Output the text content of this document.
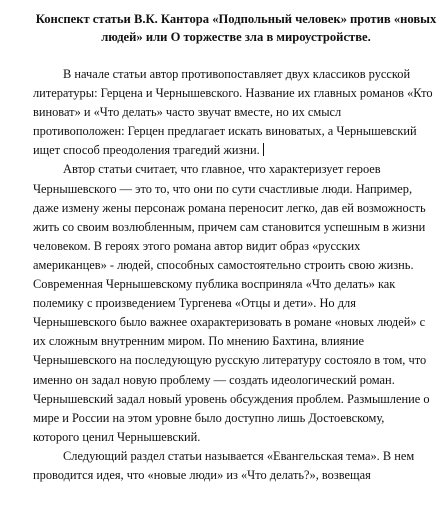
Конспект статьи В.К. Кантора «Подпольный человек» против «новых
людей» или О торжестве зла в мироустройстве.
В начале статьи автор противопоставляет двух классиков русской
литературы: Герцена и Чернышевского. Название их главных романов «Кто
виноват» и «Что делать» часто звучат вместе, но их смысл
противоположен: Герцен предлагает искать виноватых, а Чернышевский
ищет способ преодоления трагедий жизни.
Автор статьи считает, что главное, что характеризует героев
Чернышевского — это то, что они по сути счастливые люди. Например,
даже измену жены персонаж романа переносит легко, дав ей возможность
жить со своим возлюбленным, причем сам становится успешным в жизни
человеком. В героях этого романа автор видит образ «русских
американцев» - людей, способных самостоятельно строить свою жизнь.
Современная Чернышевскому публика восприняла «Что делать» как
полемику с произведением Тургенева «Отцы и дети». Но для
Чернышевского было важнее охарактеризовать в романе «новых людей» с
их сложным внутренним миром. По мнению Бахтина, влияние
Чернышевского на последующую русскую литературу состояло в том, что
именно он задал новую проблему — создать идеологический роман.
Чернышевский задал новый уровень обсуждения проблем. Размышление о
мире и России на этом уровне было доступно лишь Достоевскому,
которого ценил Чернышевский.
Следующий раздел статьи называется «Евангельская тема». В нем
проводится идея, что «новые люди» из «Что делать?», возвещая
